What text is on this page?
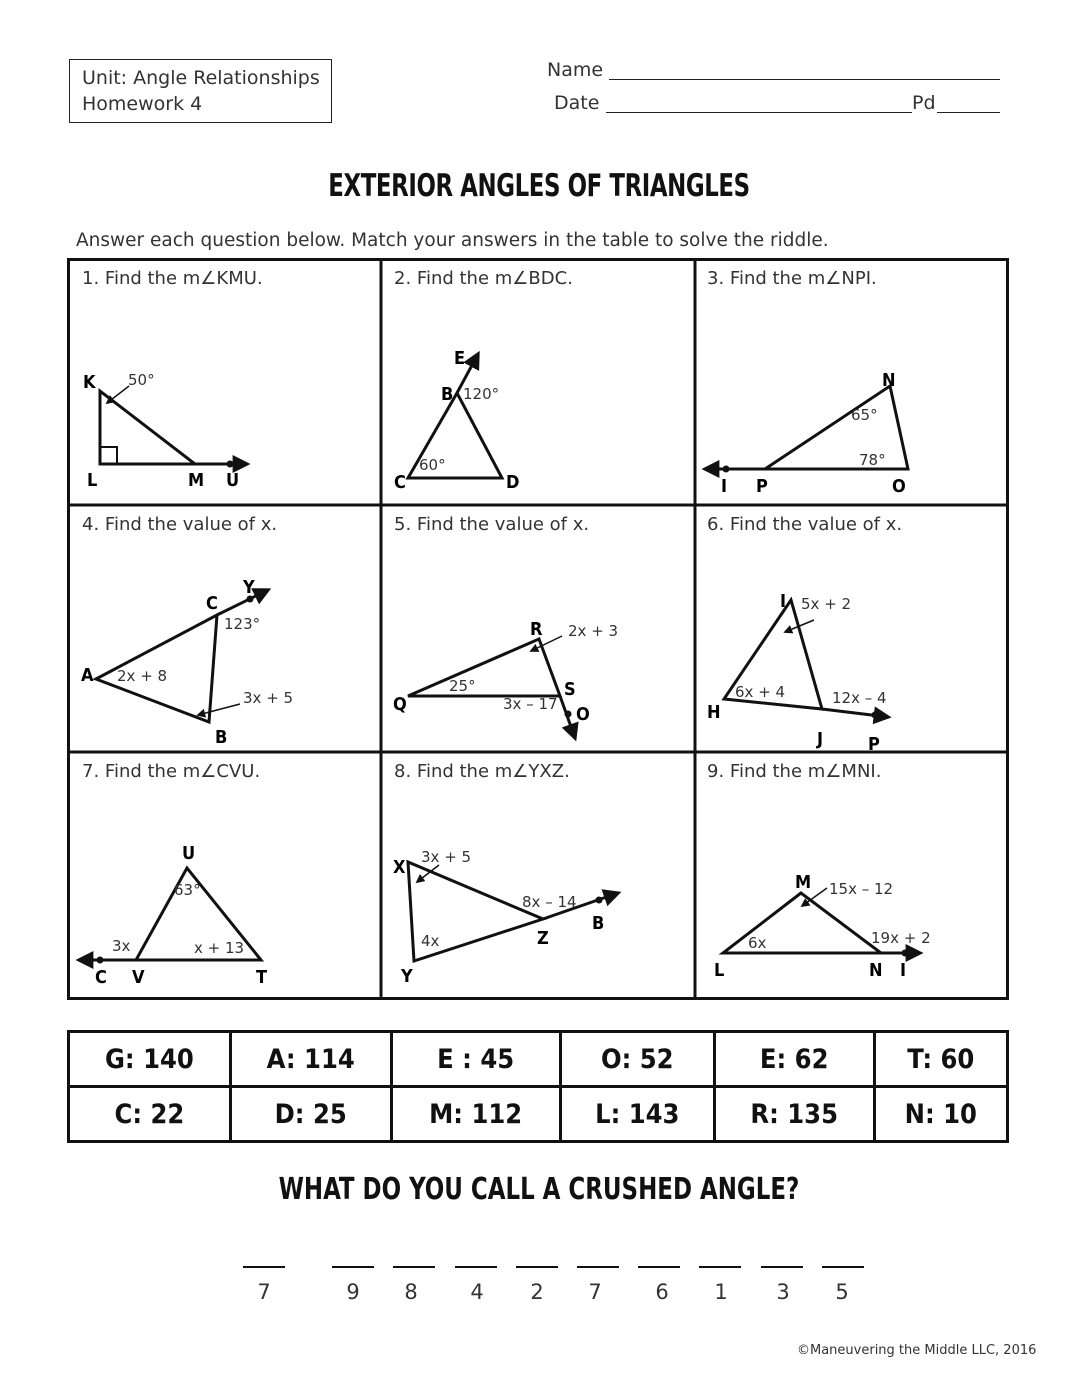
Unit: Angle Relationships
Homework 4
Name
Date	Pd
EXTERIOR ANGLES OF TRIANGLES
Answer each question below. Match your answers in the table to solve the riddle.
1. Find the m∠KMU.	2. Find the m∠BDC.	3. Find the m∠NPI.
4. Find the value of x.	5. Find the value of x.	6. Find the value of x.
7. Find the m∠CVU.	8. Find the m∠YXZ.	9. Find the m∠MNI.
K
L	M U
50°
E
B
C	D
120°
60°
N
I P	O
65°
78°
Y
C
A
B
123°
2x + 8
3x + 5
R
Q
S
O
2x + 3
25°
3x – 17
I
H
J P
5x + 2
6x + 4	12x – 4
U
C V	T
63°
3x	x + 13
X
Y
Z
B
3x + 5
8x – 14
4x
M
L	N I
15x – 12
6x	19x + 2
G: 140	A: 114	E : 45	O: 52	E: 62	T: 60
C: 22	D: 25	M: 112	L: 143	R: 135	N: 10
WHAT DO YOU CALL A CRUSHED ANGLE?
7	9	8	4	2	7	6	1	3	5
©Maneuvering the Middle LLC, 2016
